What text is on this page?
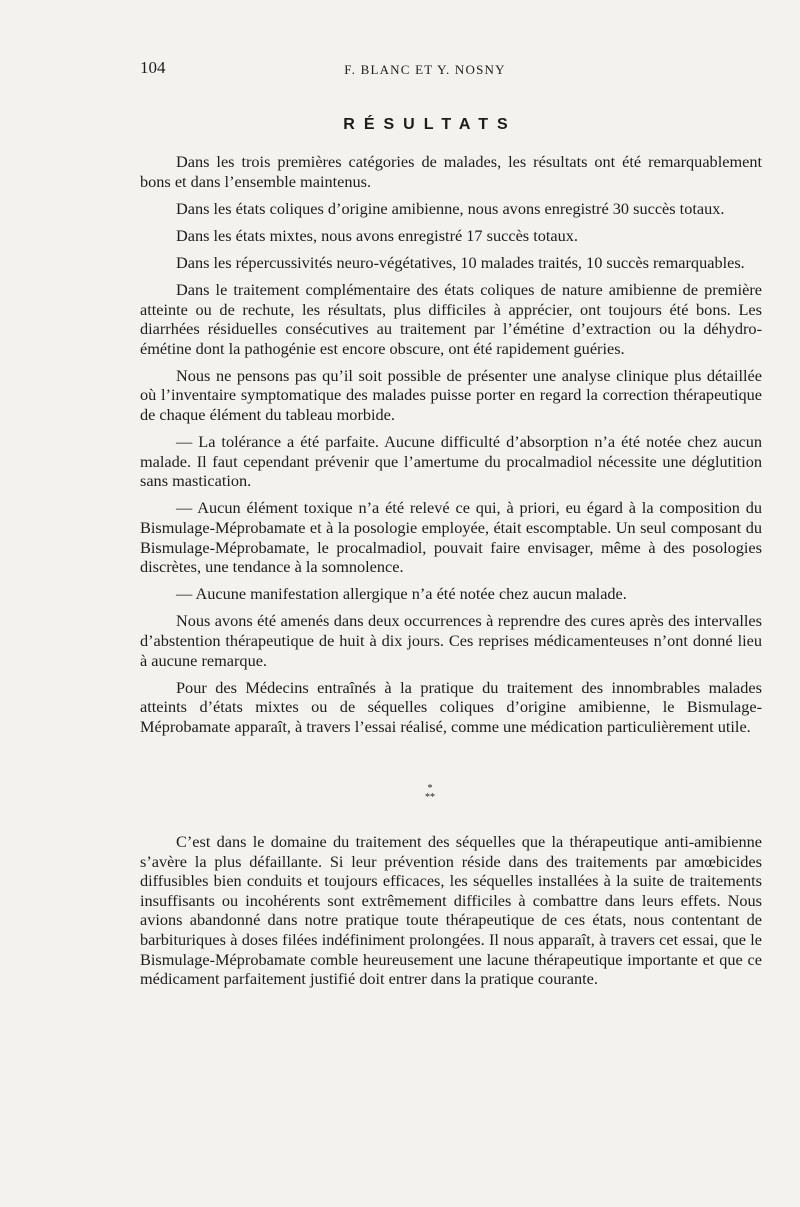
104	F. BLANC ET Y. NOSNY
RÉSULTATS

Dans les trois premières catégories de malades, les résultats ont été remarquablement bons et dans l’ensemble maintenus.

Dans les états coliques d’origine amibienne, nous avons enregistré 30 succès totaux.

Dans les états mixtes, nous avons enregistré 17 succès totaux.

Dans les répercussivités neuro-végétatives, 10 malades traités, 10 succès remarquables.

Dans le traitement complémentaire des états coliques de nature amibienne de première atteinte ou de rechute, les résultats, plus difficiles à apprécier, ont toujours été bons. Les diarrhées résiduelles consécutives au traitement par l’émétine d’extraction ou la déhydro-émétine dont la pathogénie est encore obscure, ont été rapidement guéries.

Nous ne pensons pas qu’il soit possible de présenter une analyse clinique plus détaillée où l’inventaire symptomatique des malades puisse porter en regard la correction thérapeutique de chaque élément du tableau morbide.

— La tolérance a été parfaite. Aucune difficulté d’absorption n’a été notée chez aucun malade. Il faut cependant prévenir que l’amertume du procalmadiol nécessite une déglutition sans mastication.

— Aucun élément toxique n’a été relevé ce qui, à priori, eu égard à la composition du Bismulage-Méprobamate et à la posologie employée, était escomptable. Un seul composant du Bismulage-Méprobamate, le procalmadiol, pouvait faire envisager, même à des posologies discrètes, une tendance à la somnolence.

— Aucune manifestation allergique n’a été notée chez aucun malade.

Nous avons été amenés dans deux occurrences à reprendre des cures après des intervalles d’abstention thérapeutique de huit à dix jours. Ces reprises médicamenteuses n’ont donné lieu à aucune remarque.

Pour des Médecins entraînés à la pratique du traitement des innombrables malades atteints d’états mixtes ou de séquelles coliques d’origine amibienne, le Bismulage-Méprobamate apparaît, à travers l’essai réalisé, comme une médication particulièrement utile.

*
**

C’est dans le domaine du traitement des séquelles que la thérapeutique anti-amibienne s’avère la plus défaillante. Si leur prévention réside dans des traitements par amœbicides diffusibles bien conduits et toujours efficaces, les séquelles installées à la suite de traitements insuffisants ou incohérents sont extrêmement difficiles à combattre dans leurs effets. Nous avions abandonné dans notre pratique toute thérapeutique de ces états, nous contentant de barbituriques à doses filées indéfiniment prolongées. Il nous apparaît, à travers cet essai, que le Bismulage-Méprobamate comble heureusement une lacune thérapeutique importante et que ce médicament parfaitement justifié doit entrer dans la pratique courante.
